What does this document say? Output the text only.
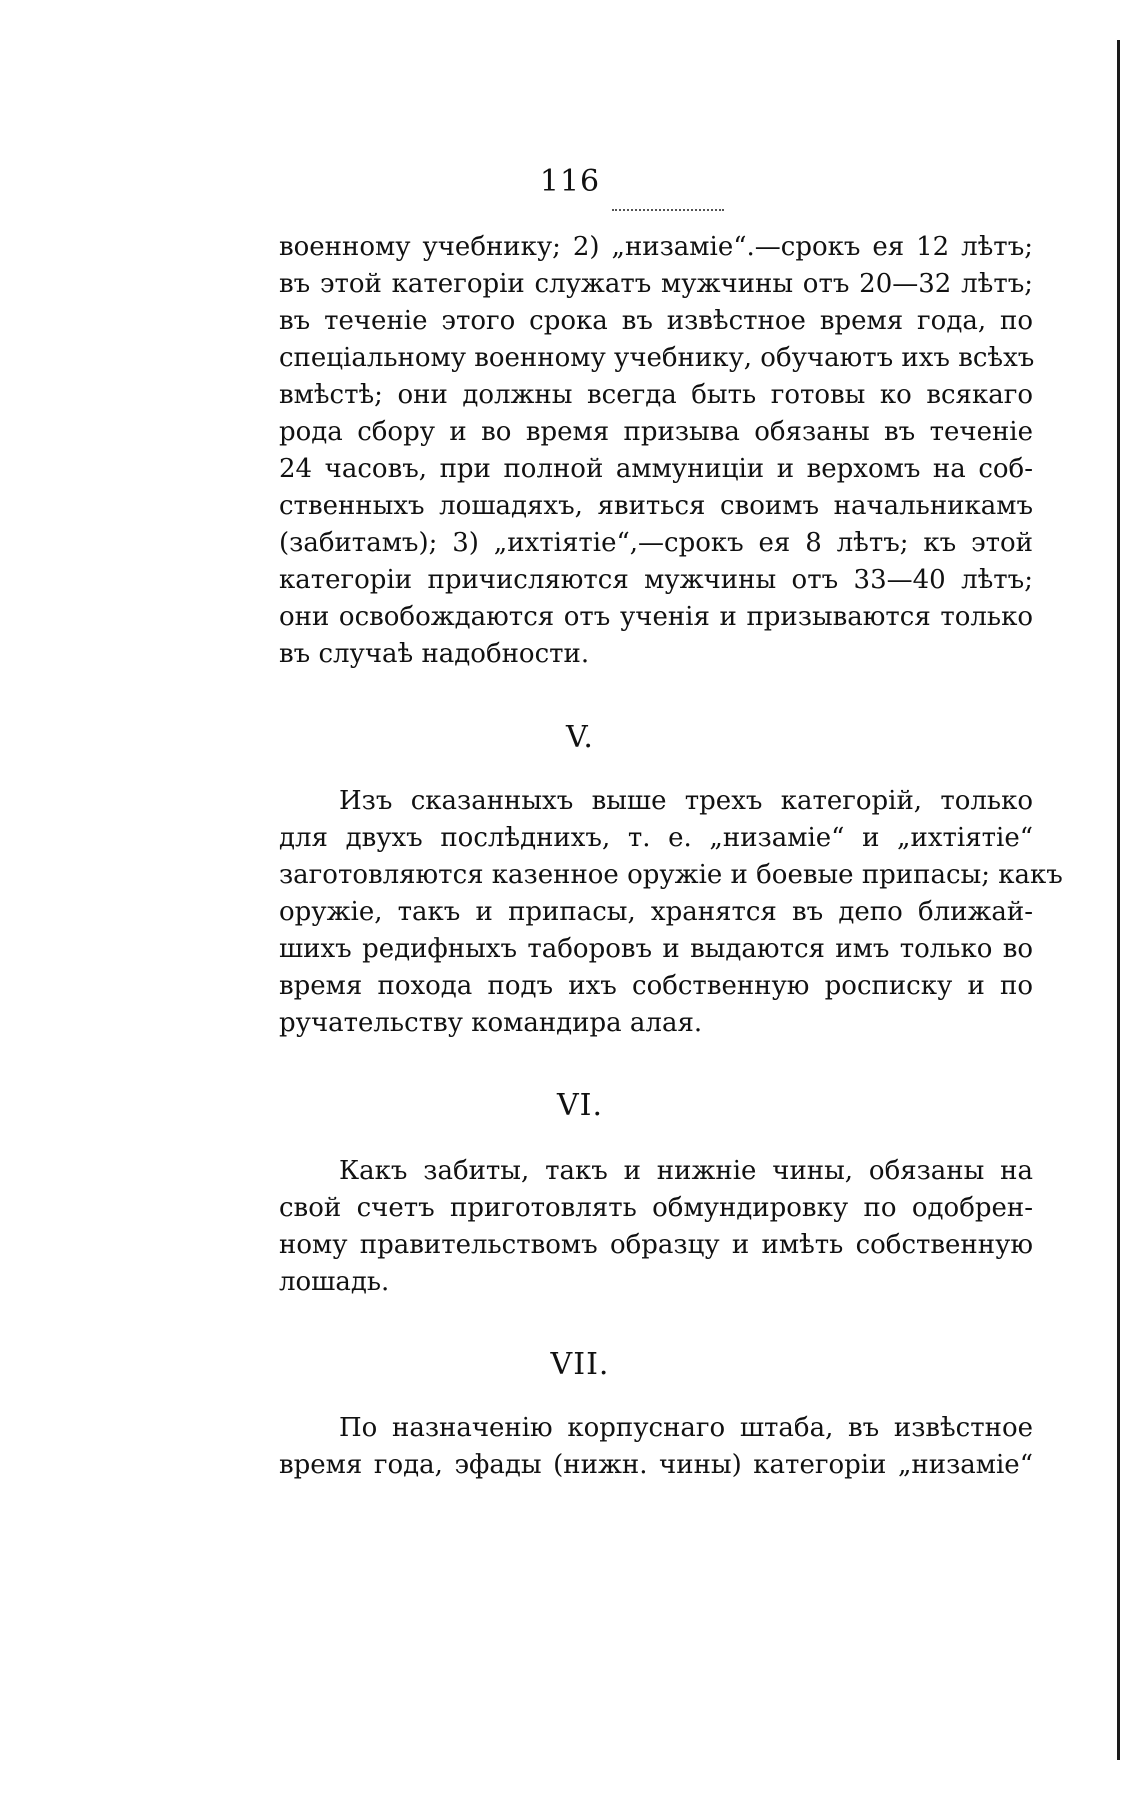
116
военному учебнику; 2) „низаміе“.—срокъ ея 12 лѣтъ;
въ этой категоріи служатъ мужчины отъ 20—32 лѣтъ;
въ теченіе этого срока въ извѣстное время года, по
спеціальному военному учебнику, обучаютъ ихъ всѣхъ
вмѣстѣ; они должны всегда быть готовы ко всякаго
рода сбору и во время призыва обязаны въ теченіе
24 часовъ, при полной аммуниціи и верхомъ на соб-
ственныхъ лошадяхъ, явиться своимъ начальникамъ
(забитамъ); 3) „ихтіятіе“,—срокъ ея 8 лѣтъ; къ этой
категоріи причисляются мужчины отъ 33—40 лѣтъ;
они освобождаются отъ ученія и призываются только
въ случаѣ надобности.
V.
Изъ сказанныхъ выше трехъ категорій, только
для двухъ послѣднихъ, т. е. „низаміе“ и „ихтіятіе“
заготовляются казенное оружіе и боевые припасы; какъ
оружіе, такъ и припасы, хранятся въ депо ближай-
шихъ редифныхъ таборовъ и выдаются имъ только во
время похода подъ ихъ собственную росписку и по
ручательству командира алая.
VI.
Какъ забиты, такъ и нижніе чины, обязаны на
свой счетъ приготовлять обмундировку по одобрен-
ному правительствомъ образцу и имѣть собственную
лошадь.
VII.
По назначенію корпуснаго штаба, въ извѣстное
время года, эфады (нижн. чины) категоріи „низаміе“
